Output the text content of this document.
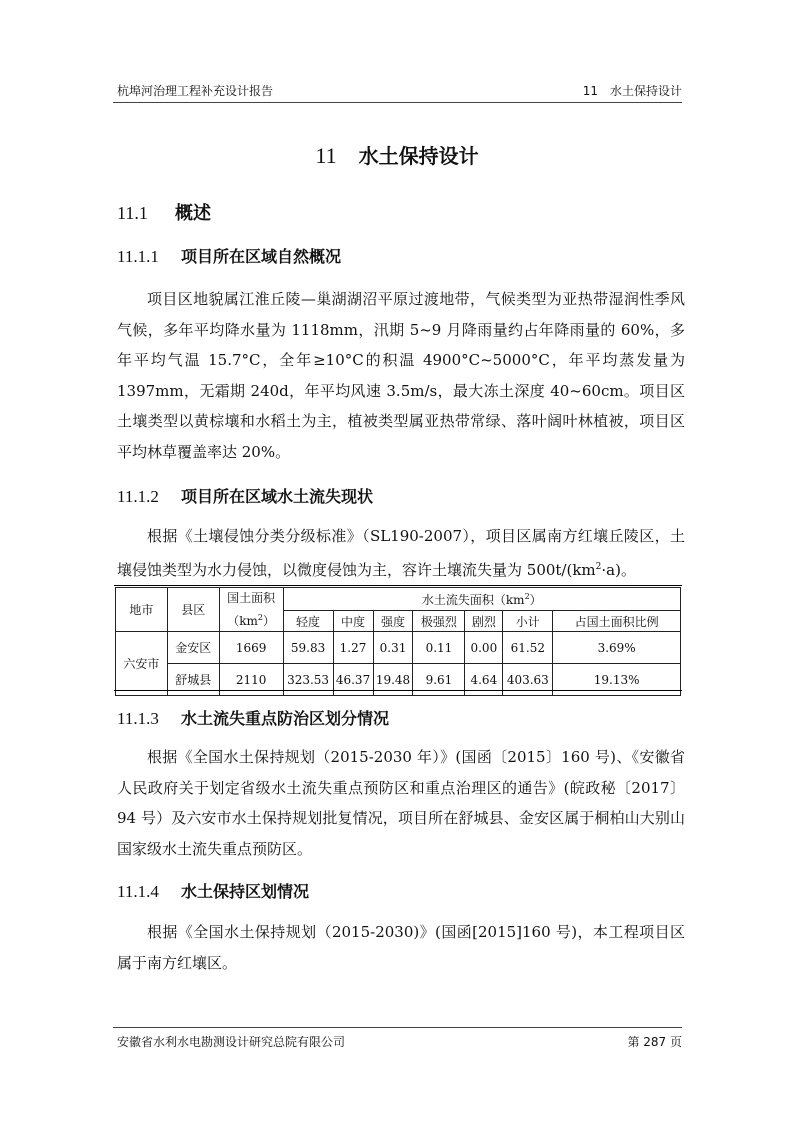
杭埠河治理工程补充设计报告	11　水土保持设计
11 水土保持设计
11.1 概述
11.1.1 项目所在区域自然概况
项目区地貌属江淮丘陵—巢湖湖沼平原过渡地带，气候类型为亚热带湿润性季风气候，多年平均降水量为 1118mm，汛期 5~9 月降雨量约占年降雨量的 60%，多年平均气温 15.7°C，全年≥10°C的积温 4900°C~5000°C，年平均蒸发量为 1397mm，无霜期 240d，年平均风速 3.5m/s，最大冻土深度 40~60cm。项目区土壤类型以黄棕壤和水稻土为主，植被类型属亚热带常绿、落叶阔叶林植被，项目区平均林草覆盖率达 20%。
11.1.2 项目所在区域水土流失现状
根据《土壤侵蚀分类分级标准》（SL190-2007），项目区属南方红壤丘陵区，土壤侵蚀类型为水力侵蚀，以微度侵蚀为主，容许土壤流失量为 $500t/(km^2\cdot a)$。
地市	县区	国土面积
$(km^2)$	水土流失面积$(km^2)$						
			轻度	中度	强度	极强烈	剧烈	小计	占国土面积比例
六安市	金安区	1669	59.83	1.27	0.31	0.11	0.00	61.52	3.69%
	舒城县	2110	323.53	46.37	19.48	9.61	4.64	403.63	19.13%
11.1.3 水土流失重点防治区划分情况
根据《全国水土保持规划（2015-2030 年）》(国函〔2015〕160 号)、《安徽省人民政府关于划定省级水土流失重点预防区和重点治理区的通告》(皖政秘〔2017〕94 号）及六安市水土保持规划批复情况，项目所在舒城县、金安区属于桐柏山大别山国家级水土流失重点预防区。
11.1.4 水土保持区划情况
根据《全国水土保持规划（2015-2030)》(国函[2015]160 号)，本工程项目区属于南方红壤区。
安徽省水利水电勘测设计研究总院有限公司	第 287 页
